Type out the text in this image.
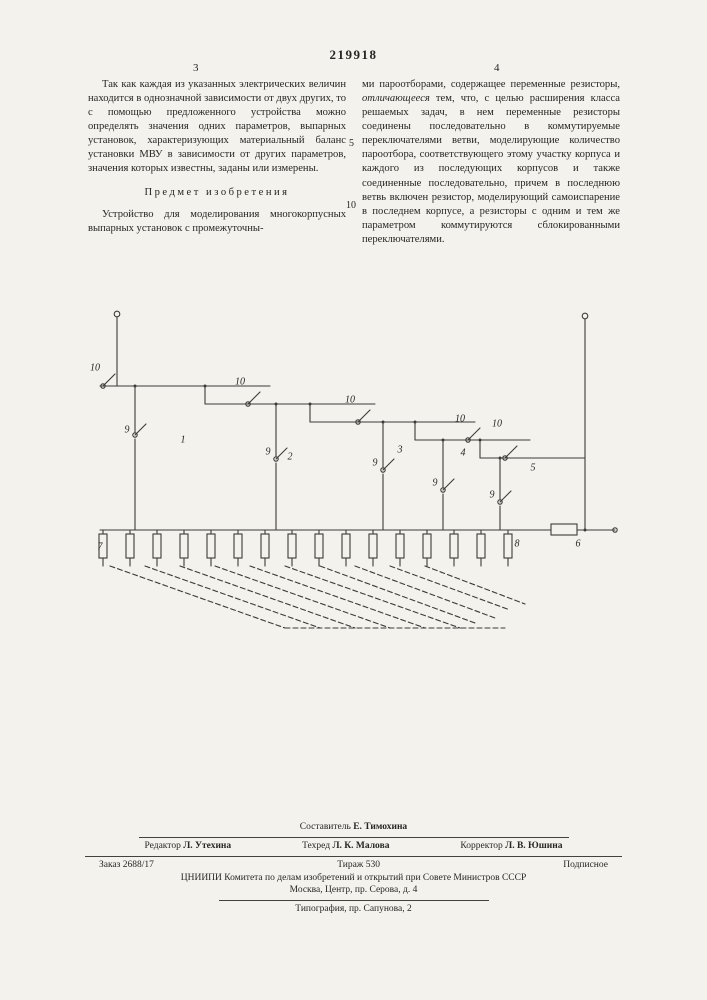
219918
3	4

Так как каждая из указанных электрических величин находится в однозначной зависимости от двух других, то с помощью предложенного устройства можно определять значения одних параметров, выпарных установок, характеризующих материальный баланс установки МВУ в зависимости от других параметров, значения которых известны, заданы или измерены.

Предмет изобретения

Устройство для моделирования многокорпусных выпарных установок с промежуточны-

ми пароотборами, содержащее переменные резисторы, отличающееся тем, что, с целью расширения класса решаемых задач, в нем переменные резисторы соединены последовательно в коммутируемые переключателями ветви, моделирующие количество пароотбора, соответствующего этому участку корпуса и каждого из последующих корпусов и также соединенные последовательно, причем в последнюю ветвь включен резистор, моделирующий самоиспарение в последнем корпусе, а резисторы с одним и тем же параметром коммутируются сблокированными переключателями.

5
10
10
10
10
10	10
9
9
9
9
9
1
2
3	4
5
6
7	8
Составитель Е. Тимохина
Редактор Л. Утехина	Техред Л. К. Малова	Корректор Л. В. Юшина
Заказ 2688/17	Тираж 530	Подписное
ЦНИИПИ Комитета по делам изобретений и открытий при Совете Министров СССР
Москва, Центр, пр. Серова, д. 4
Типография, пр. Сапунова, 2
